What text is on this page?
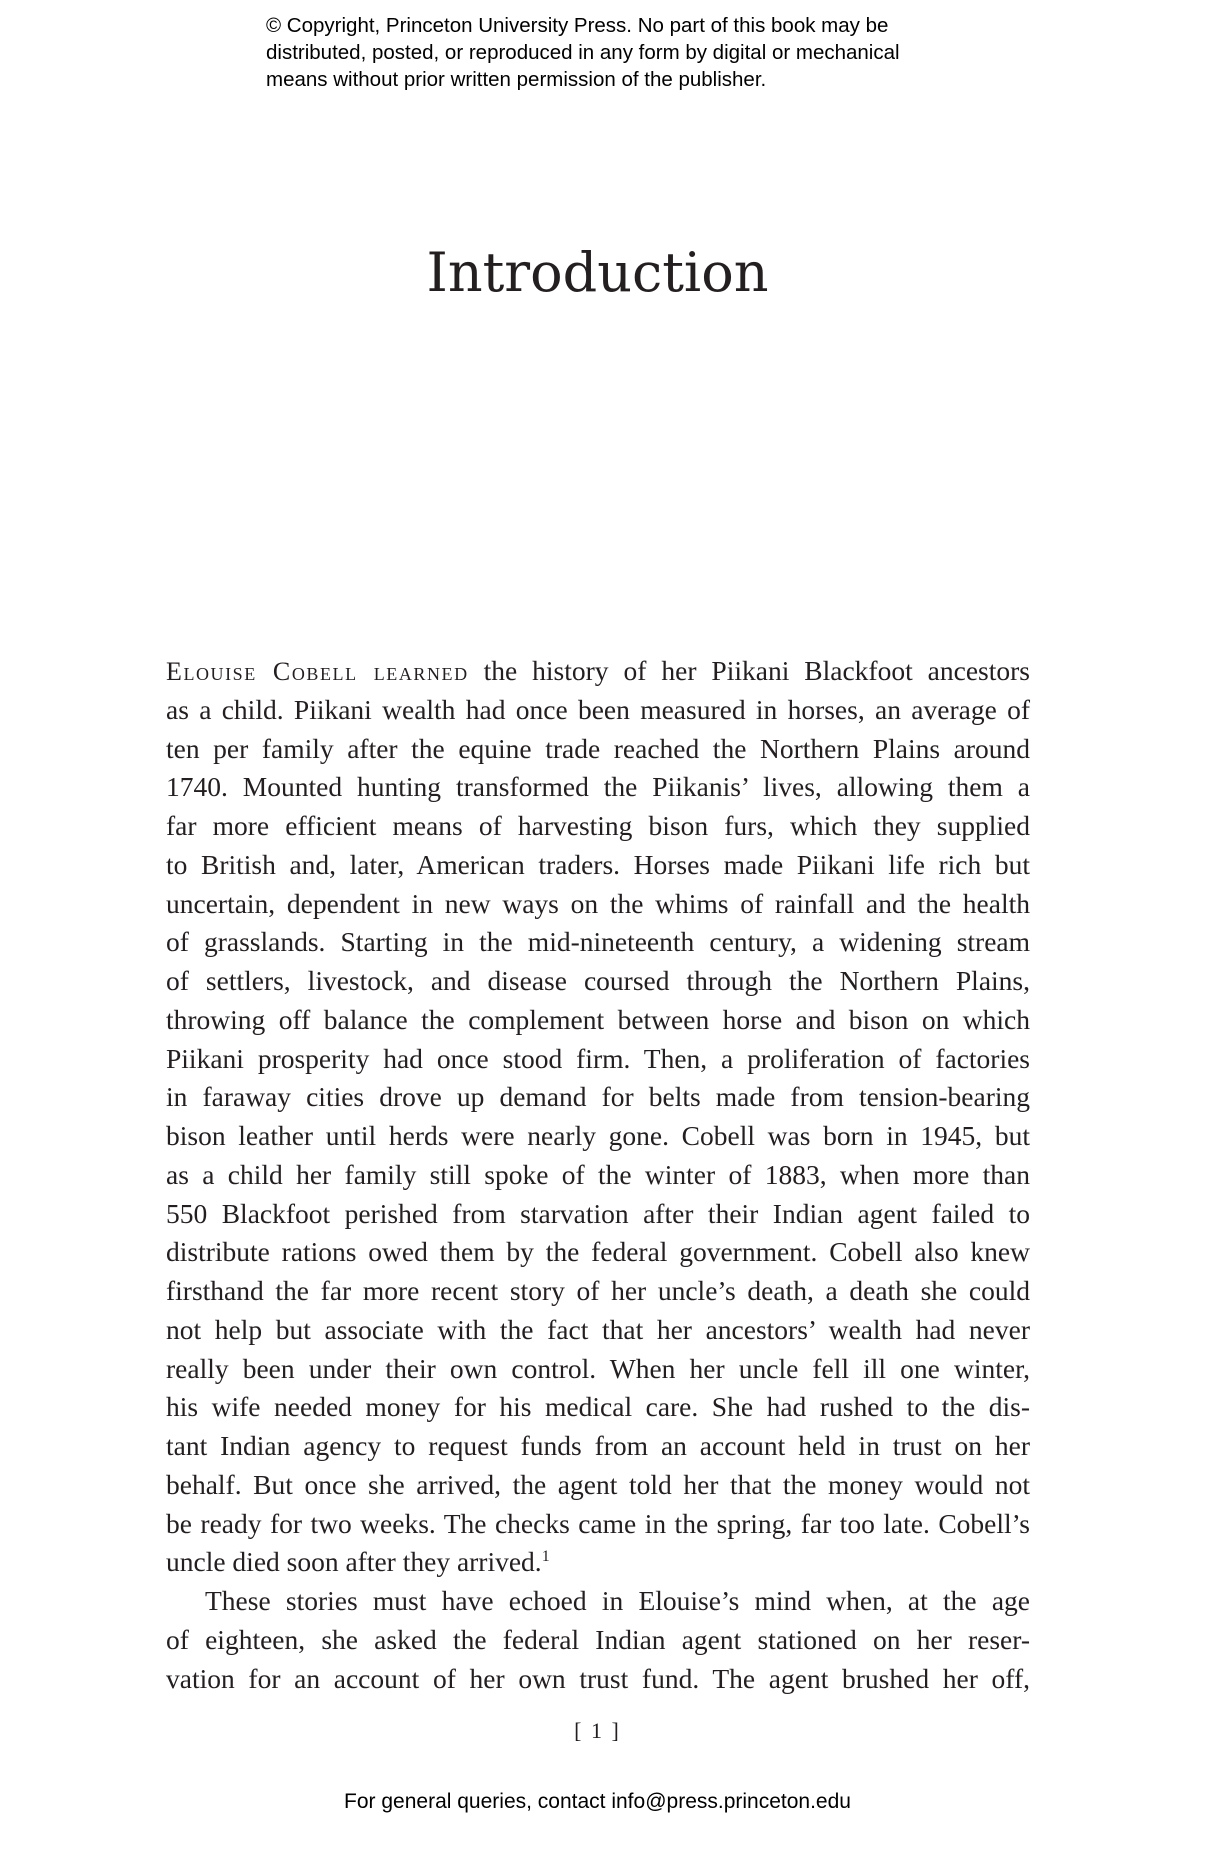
© Copyright, Princeton University Press. No part of this book may be
distributed, posted, or reproduced in any form by digital or mechanical
means without prior written permission of the publisher.
Introduction
Elouise Cobell learned the history of her Piikani Blackfoot ancestors
as a child. Piikani wealth had once been measured in horses, an average of
ten per family after the equine trade reached the Northern Plains around
1740. Mounted hunting transformed the Piikanis’ lives, allowing them a
far more efficient means of harvesting bison furs, which they supplied
to British and, later, American traders. Horses made Piikani life rich but
uncertain, dependent in new ways on the whims of rainfall and the health
of grasslands. Starting in the mid-nineteenth century, a widening stream
of settlers, livestock, and disease coursed through the Northern Plains,
throwing off balance the complement between horse and bison on which
Piikani prosperity had once stood firm. Then, a proliferation of factories
in faraway cities drove up demand for belts made from tension-bearing
bison leather until herds were nearly gone. Cobell was born in 1945, but
as a child her family still spoke of the winter of 1883, when more than
550 Blackfoot perished from starvation after their Indian agent failed to
distribute rations owed them by the federal government. Cobell also knew
firsthand the far more recent story of her uncle’s death, a death she could
not help but associate with the fact that her ancestors’ wealth had never
really been under their own control. When her uncle fell ill one winter,
his wife needed money for his medical care. She had rushed to the dis-
tant Indian agency to request funds from an account held in trust on her
behalf. But once she arrived, the agent told her that the money would not
be ready for two weeks. The checks came in the spring, far too late. Cobell’s
uncle died soon after they arrived.$^1$
These stories must have echoed in Elouise’s mind when, at the age
of eighteen, she asked the federal Indian agent stationed on her reser-
vation for an account of her own trust fund. The agent brushed her off,
[ 1 ]
For general queries, contact info@press.princeton.edu
